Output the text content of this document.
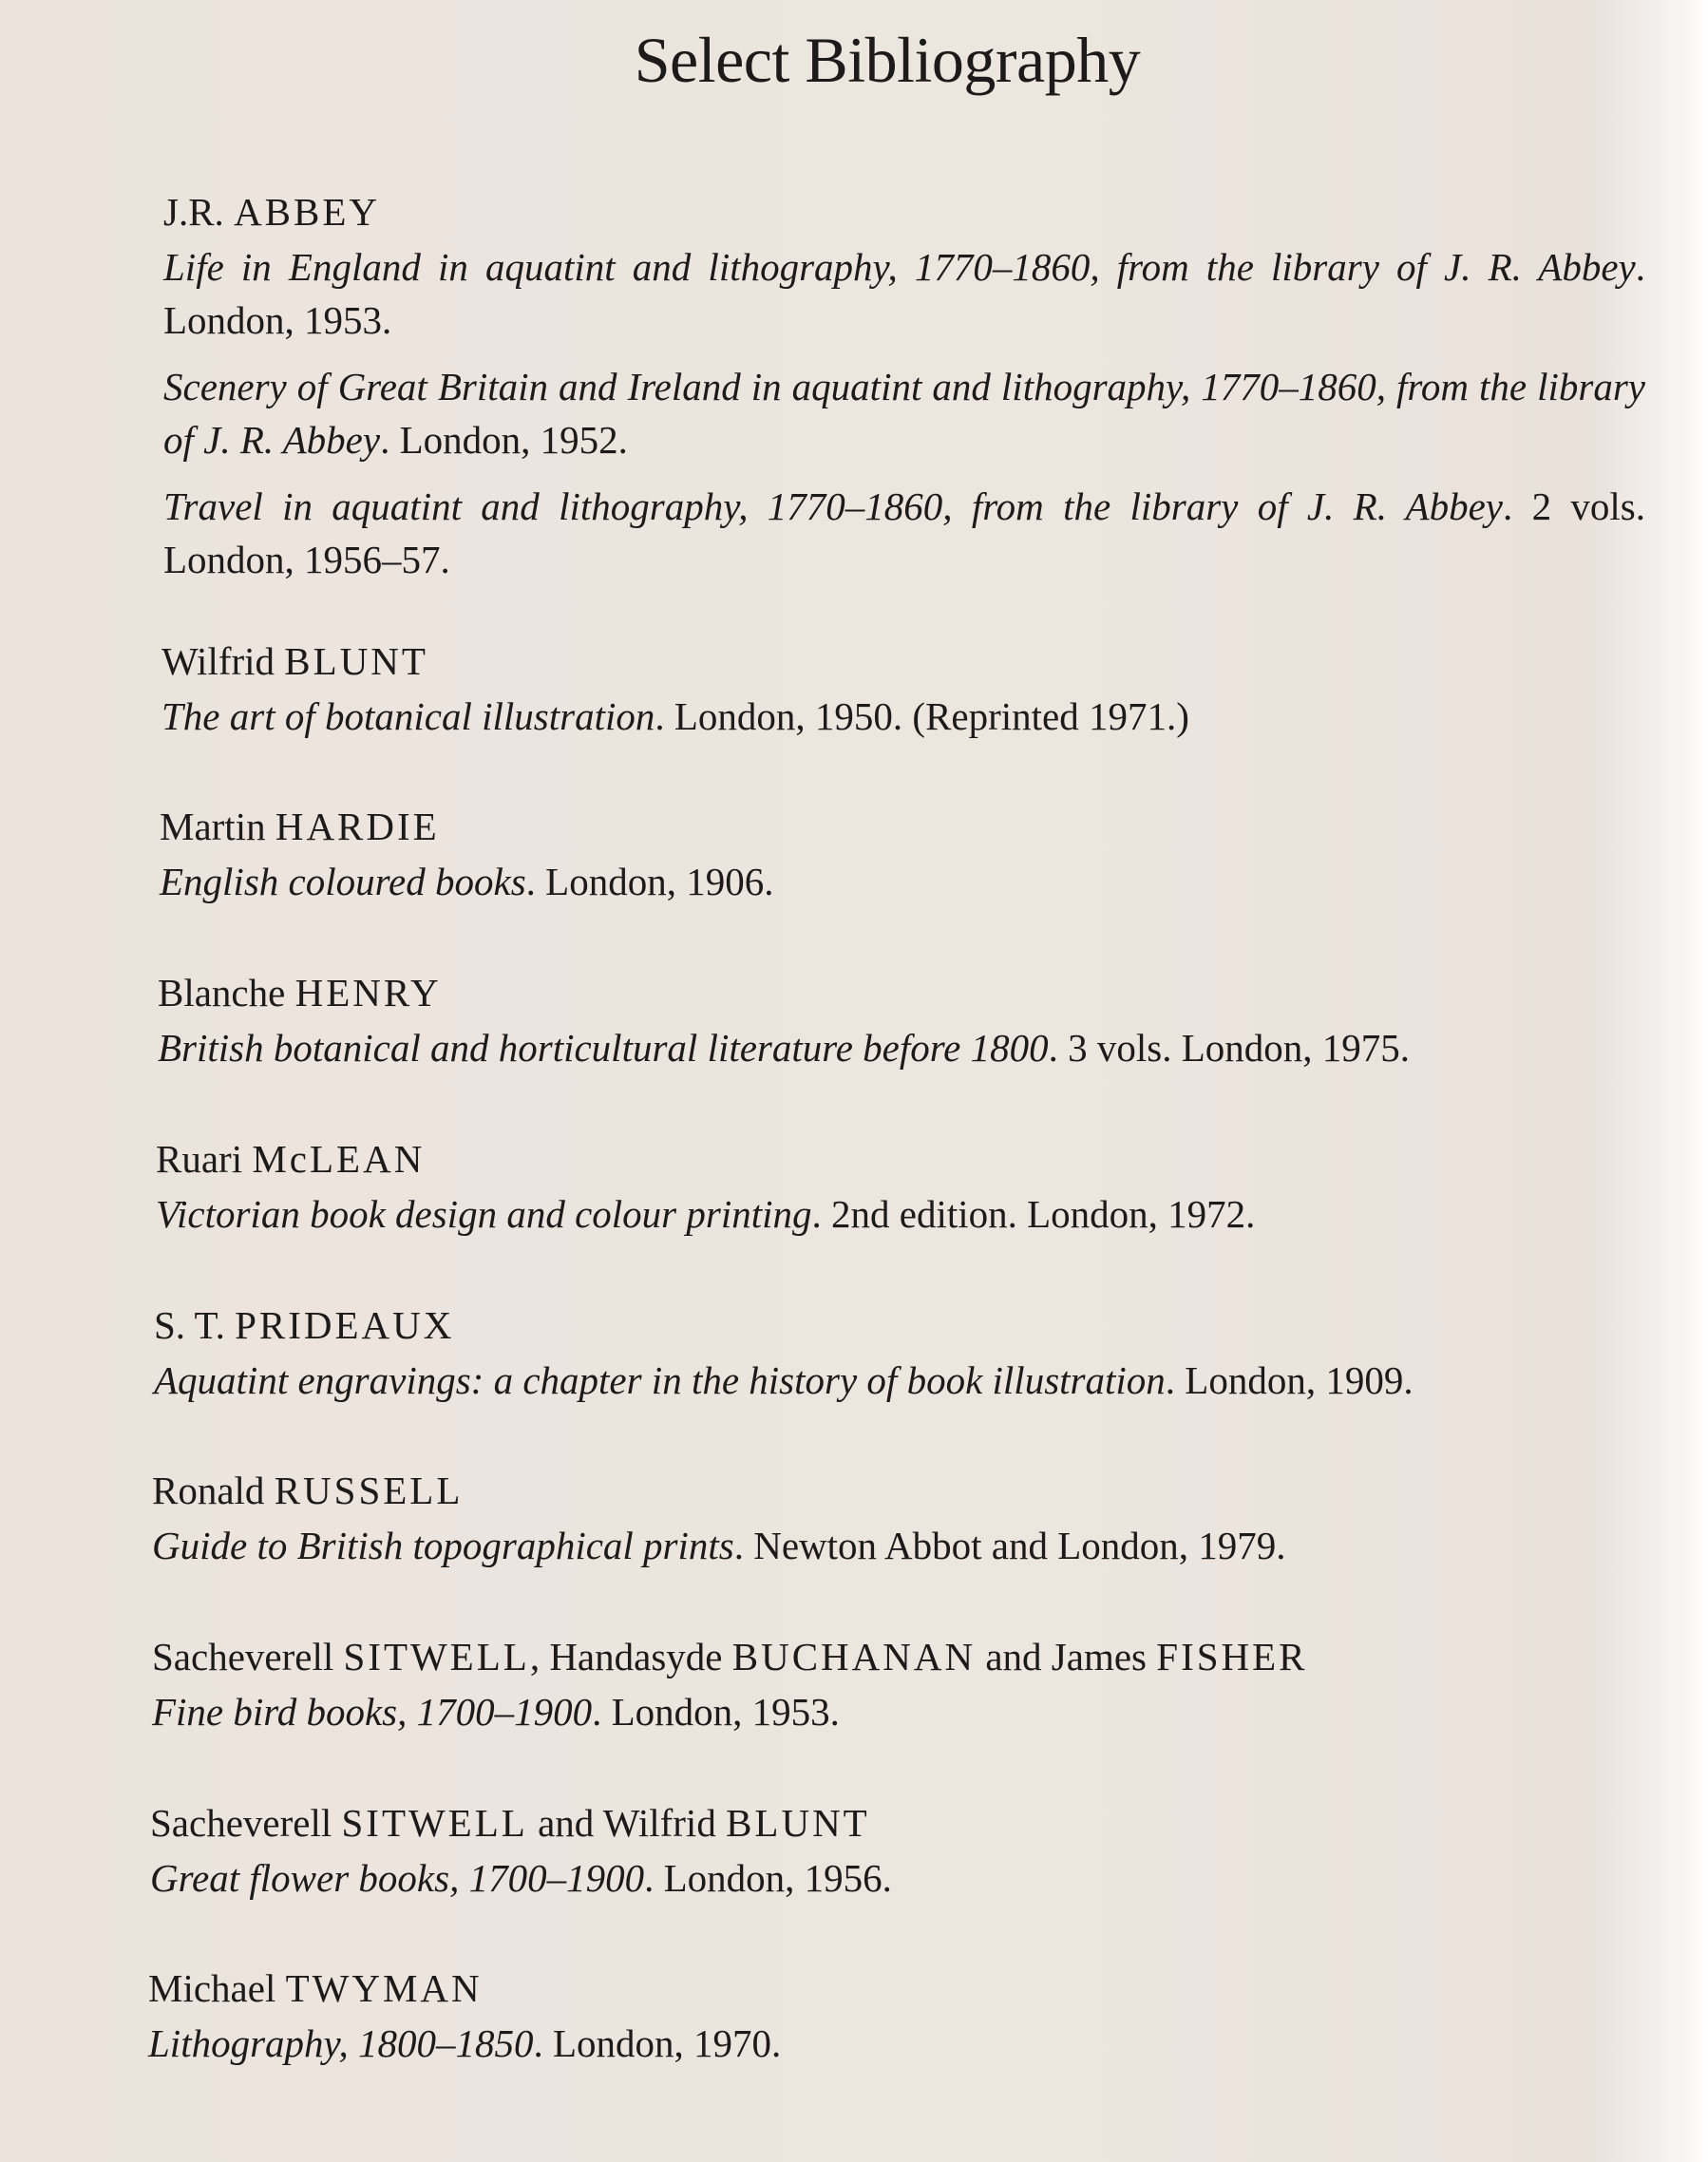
Select Bibliography
J.R. ABBEY
Life in England in aquatint and lithography, 1770–1860, from the library of J. R. Abbey. London, 1953.
Scenery of Great Britain and Ireland in aquatint and lithography, 1770–1860, from the library of J. R. Abbey. London, 1952.
Travel in aquatint and lithography, 1770–1860, from the library of J. R. Abbey. 2 vols. London, 1956–57.
Wilfrid BLUNT
The art of botanical illustration. London, 1950. (Reprinted 1971.)
Martin HARDIE
English coloured books. London, 1906.
Blanche HENRY
British botanical and horticultural literature before 1800. 3 vols. London, 1975.
Ruari McLEAN
Victorian book design and colour printing. 2nd edition. London, 1972.
S. T. PRIDEAUX
Aquatint engravings: a chapter in the history of book illustration. London, 1909.
Ronald RUSSELL
Guide to British topographical prints. Newton Abbot and London, 1979.
Sacheverell SITWELL, Handasyde BUCHANAN and James FISHER
Fine bird books, 1700–1900. London, 1953.
Sacheverell SITWELL and Wilfrid BLUNT
Great flower books, 1700–1900. London, 1956.
Michael TWYMAN
Lithography, 1800–1850. London, 1970.
